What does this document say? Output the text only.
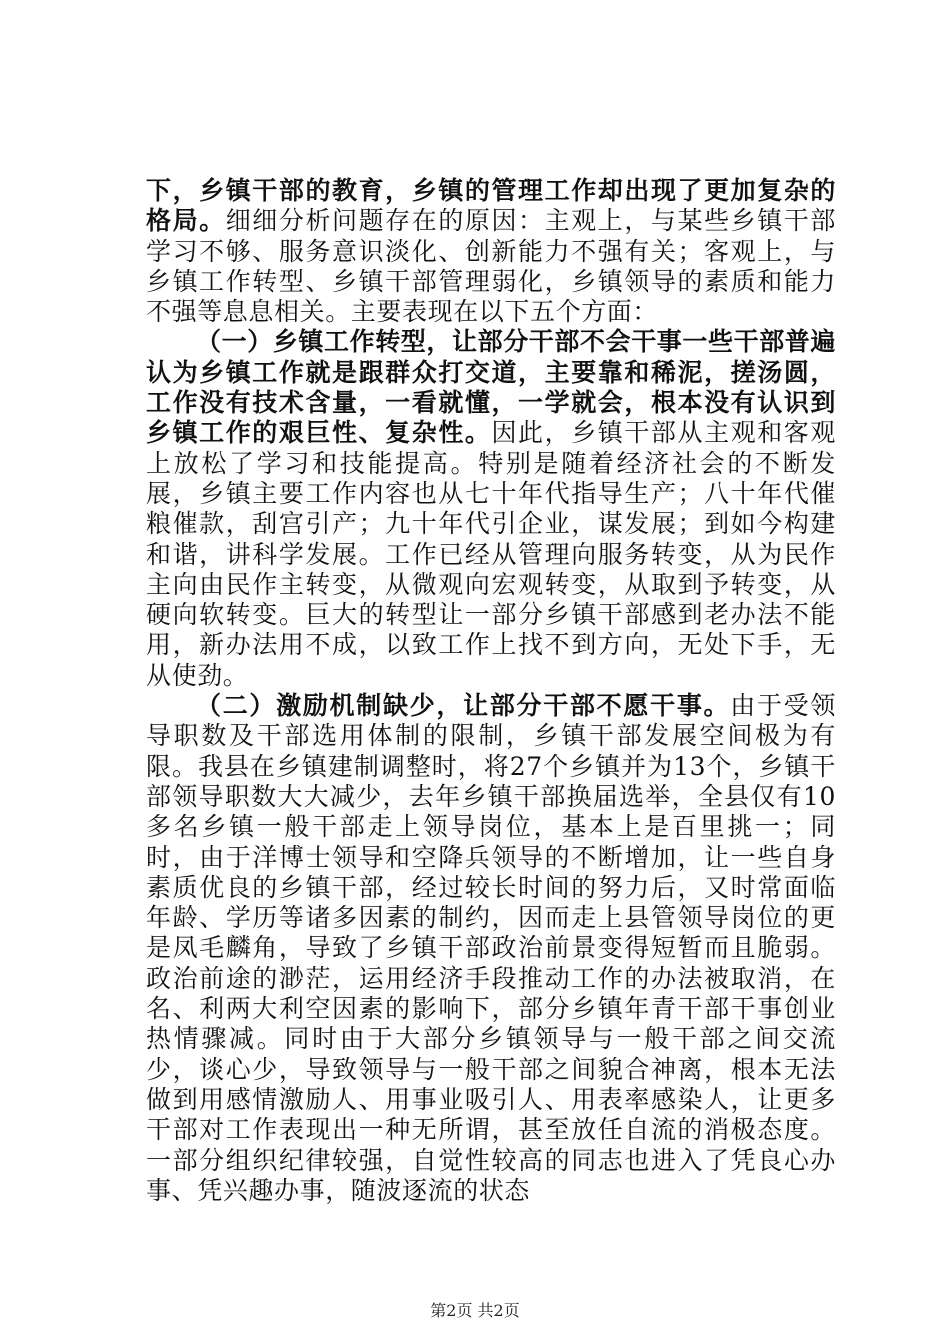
下，乡镇干部的教育，乡镇的管理工作却出现了更加复杂的格局。细细分析问题存在的原因：主观上，与某些乡镇干部学习不够、服务意识淡化、创新能力不强有关；客观上，与乡镇工作转型、乡镇干部管理弱化，乡镇领导的素质和能力不强等息息相关。主要表现在以下五个方面：

（一）乡镇工作转型，让部分干部不会干事一些干部普遍认为乡镇工作就是跟群众打交道，主要靠和稀泥，搓汤圆，工作没有技术含量，一看就懂，一学就会，根本没有认识到乡镇工作的艰巨性、复杂性。因此，乡镇干部从主观和客观上放松了学习和技能提高。特别是随着经济社会的不断发展，乡镇主要工作内容也从七十年代指导生产；八十年代催粮催款，刮宫引产；九十年代引企业，谋发展；到如今构建和谐，讲科学发展。工作已经从管理向服务转变，从为民作主向由民作主转变，从微观向宏观转变，从取到予转变，从硬向软转变。巨大的转型让一部分乡镇干部感到老办法不能用，新办法用不成，以致工作上找不到方向，无处下手，无从使劲。

（二）激励机制缺少，让部分干部不愿干事。由于受领导职数及干部选用体制的限制，乡镇干部发展空间极为有限。我县在乡镇建制调整时，将27个乡镇并为13个，乡镇干部领导职数大大减少，去年乡镇干部换届选举，全县仅有10多名乡镇一般干部走上领导岗位，基本上是百里挑一；同时，由于洋博士领导和空降兵领导的不断增加，让一些自身素质优良的乡镇干部，经过较长时间的努力后，又时常面临年龄、学历等诸多因素的制约，因而走上县管领导岗位的更是凤毛麟角，导致了乡镇干部政治前景变得短暂而且脆弱。政治前途的渺茫，运用经济手段推动工作的办法被取消，在名、利两大利空因素的影响下，部分乡镇年青干部干事创业热情骤减。同时由于大部分乡镇领导与一般干部之间交流少，谈心少，导致领导与一般干部之间貌合神离，根本无法做到用感情激励人、用事业吸引人、用表率感染人，让更多干部对工作表现出一种无所谓，甚至放任自流的消极态度。一部分组织纪律较强，自觉性较高的同志也进入了凭良心办事、凭兴趣办事，随波逐流的状态

第2页 共2页
